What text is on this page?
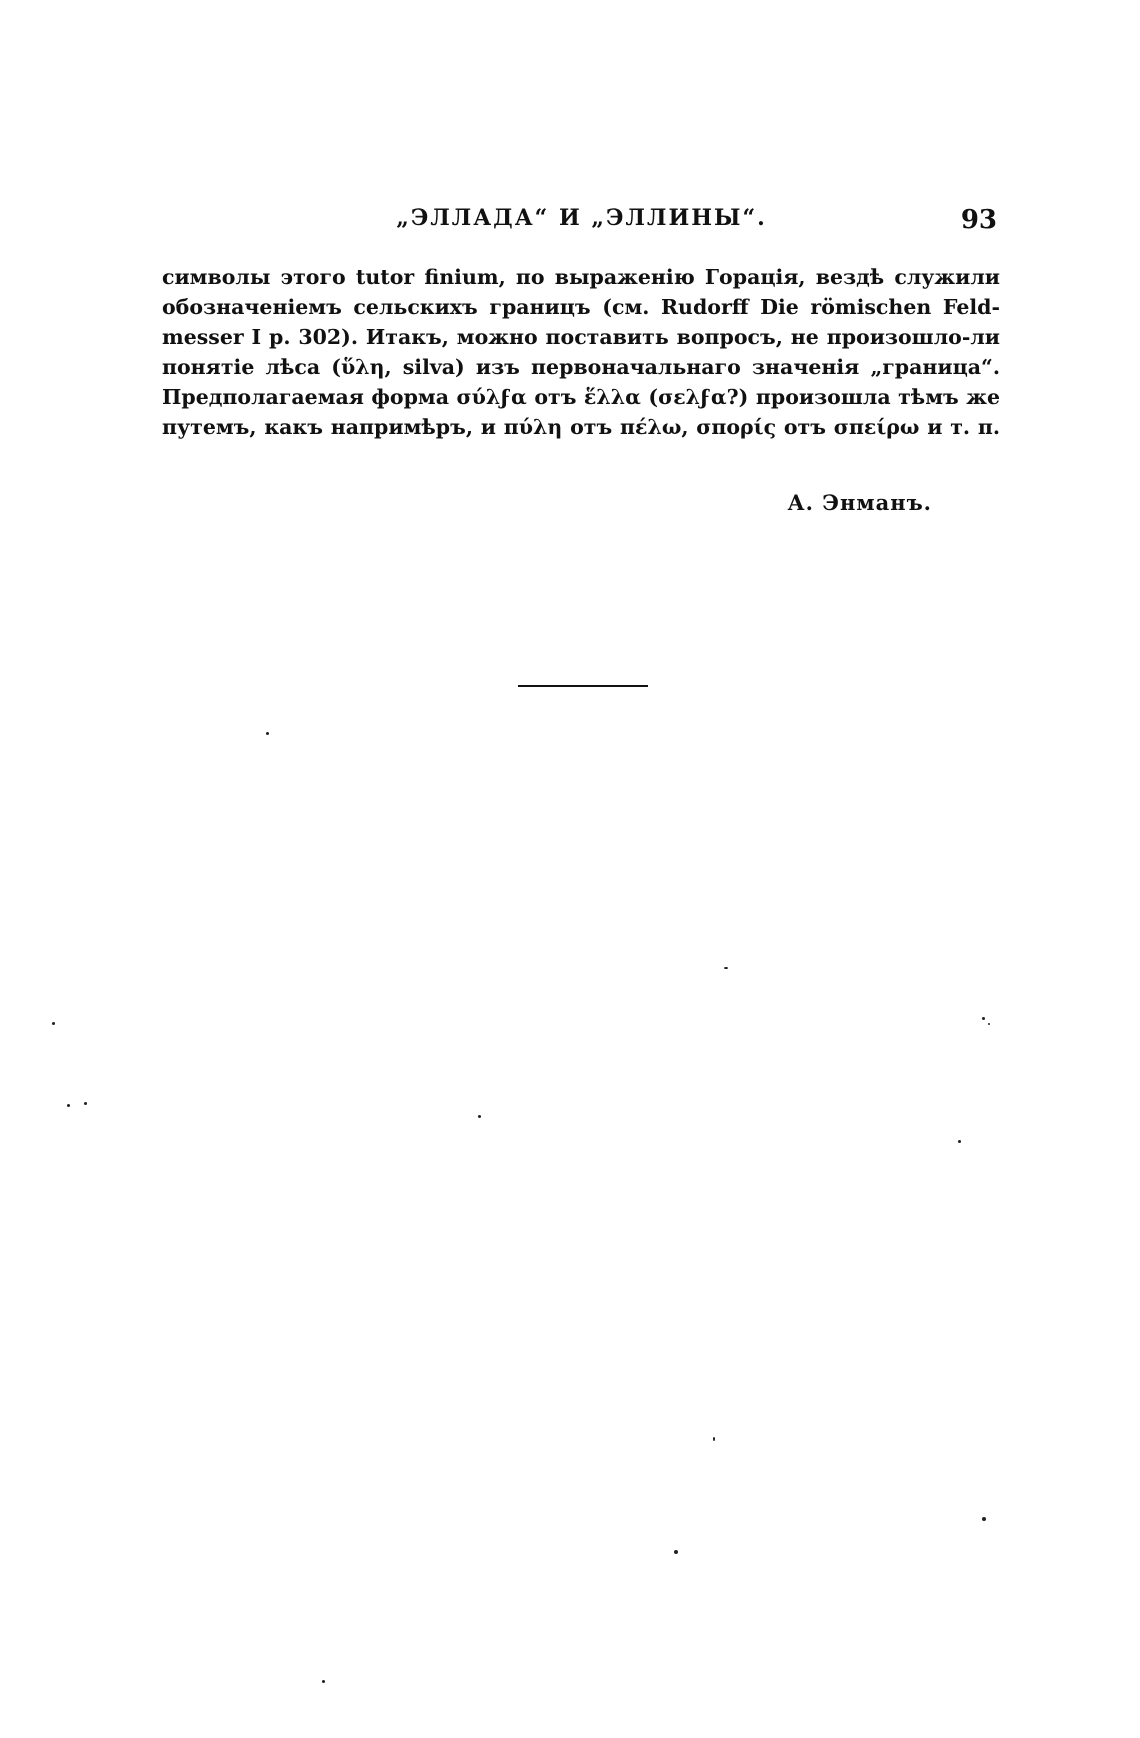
„ЭЛЛАДА“ И „ЭЛЛИНЫ“.	93
символы этого tutor finium, по выраженію Горація, вездѣ служили
обозначеніемъ сельскихъ границъ (см. Rudorff Die römischen Feld-
messer I p. 302). Итакъ, можно поставить вопросъ, не произошло-ли
понятіе лѣса (ὕλη, silva) изъ первоначальнаго значенія „граница“.
Предполагаемая форма σύλϝα отъ ἕλλα (σελϝα?) произошла тѣмъ же
путемъ, какъ напримѣръ, и πύλη отъ πέλω, σπορίς отъ σπείρω и т. п.
А. Энманъ.
